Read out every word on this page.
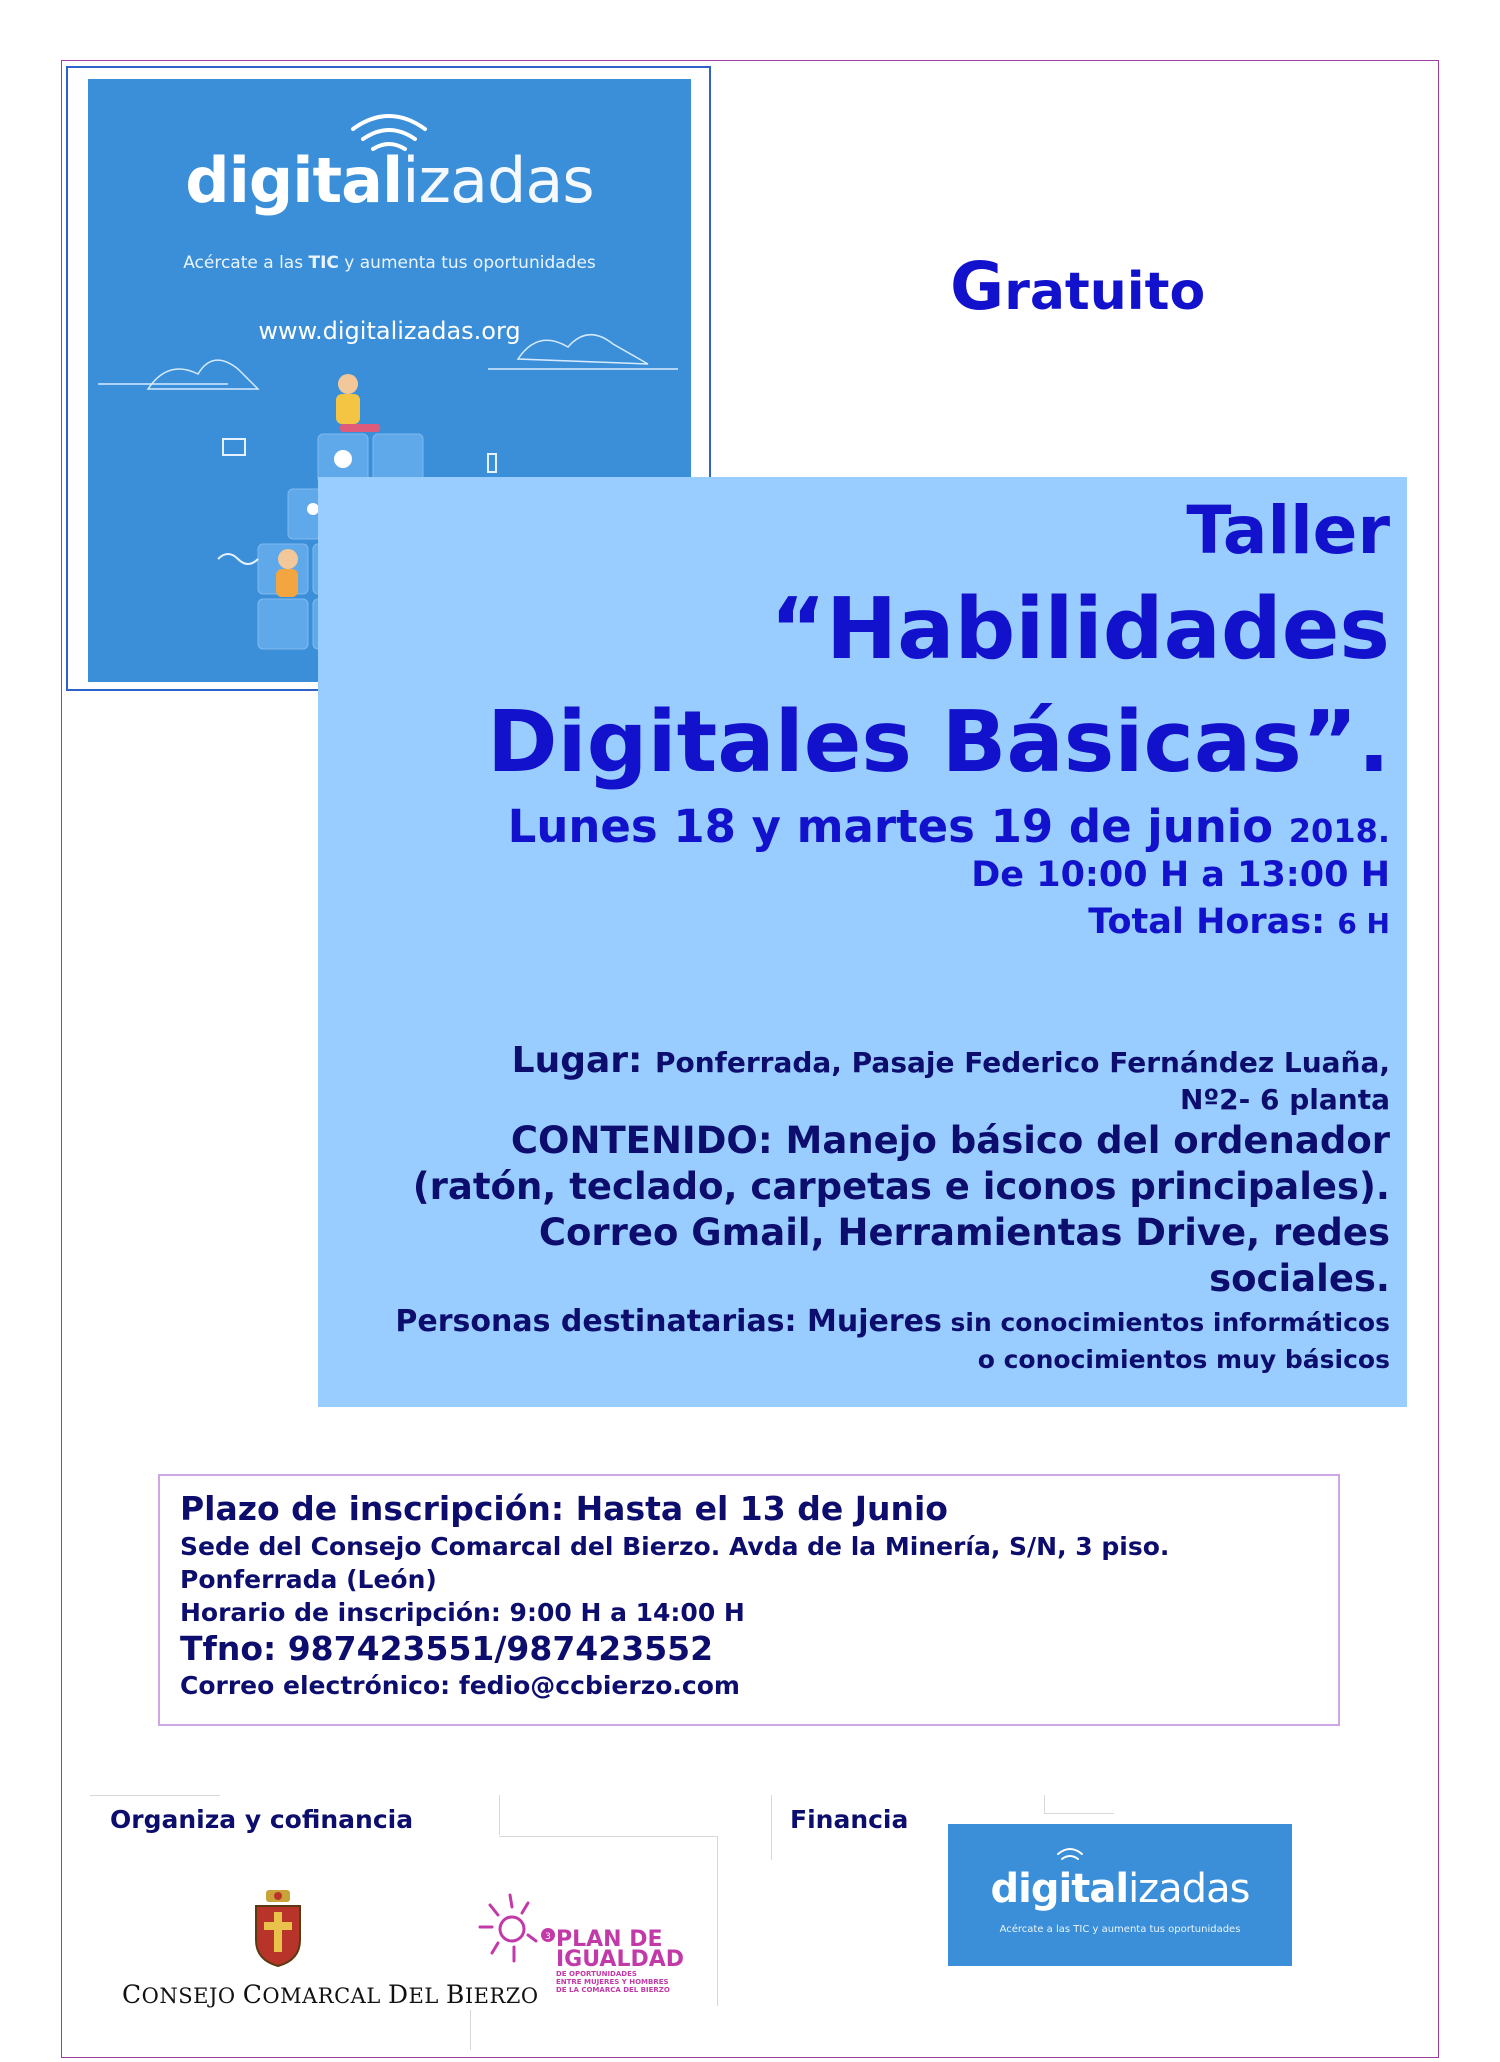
digitalizadas
Acércate a las TIC y aumenta tus oportunidades
www.digitalizadas.org
Gratuito
Taller
“Habilidades
Digitales Básicas”.
Lunes 18 y martes 19 de junio 2018.
De 10:00 H a 13:00 H
Total Horas: 6 H
Lugar: Ponferrada, Pasaje Federico Fernández Luaña,
Nº2- 6 planta
CONTENIDO: Manejo básico del ordenador (ratón, teclado, carpetas e iconos principales). Correo Gmail, Herramientas Drive, redes sociales.
Personas destinatarias: Mujeres sin conocimientos informáticos o conocimientos muy básicos
Plazo de inscripción: Hasta el 13 de Junio
Sede del Consejo Comarcal del Bierzo. Avda de la Minería, S/N, 3 piso.
Ponferrada (León)
Horario de inscripción: 9:00 H a 14:00 H
Tfno: 987423551/987423552
Correo electrónico: fedio@ccbierzo.com
Organiza y cofinancia	Financia
CONSEJO COMARCAL DEL BIERZO
3 PLAN DE
IGUALDAD
DE OPORTUNIDADES
ENTRE MUJERES Y HOMBRES
DE LA COMARCA DEL BIERZO
digitalizadas
Acércate a las TIC y aumenta tus oportunidades
